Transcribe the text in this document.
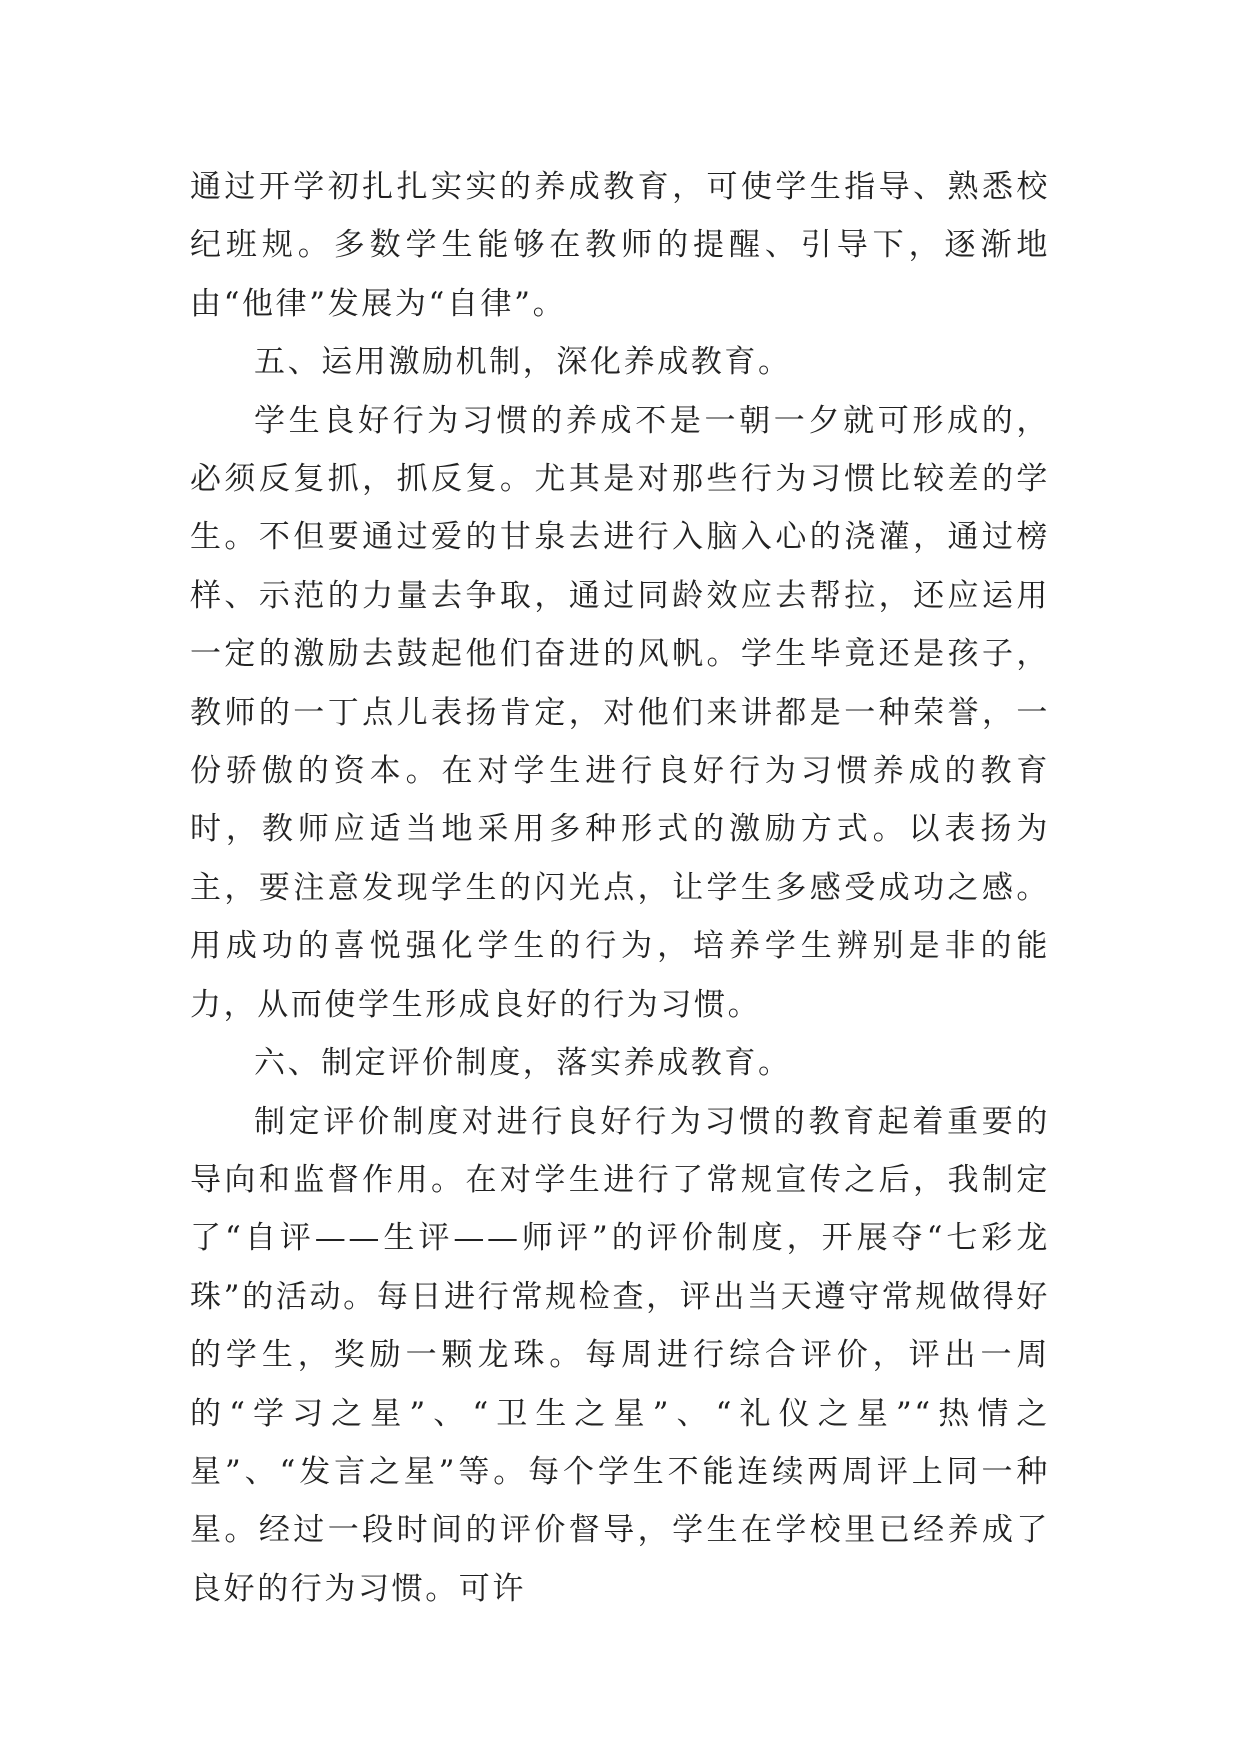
通过开学初扎扎实实的养成教育，可使学生指导、熟悉校纪班规。多数学生能够在教师的提醒、引导下，逐渐地由“他律”发展为“自律”。

五、运用激励机制，深化养成教育。

学生良好行为习惯的养成不是一朝一夕就可形成的，必须反复抓，抓反复。尤其是对那些行为习惯比较差的学生。不但要通过爱的甘泉去进行入脑入心的浇灌，通过榜样、示范的力量去争取，通过同龄效应去帮拉，还应运用一定的激励去鼓起他们奋进的风帆。学生毕竟还是孩子，教师的一丁点儿表扬肯定，对他们来讲都是一种荣誉，一份骄傲的资本。在对学生进行良好行为习惯养成的教育时，教师应适当地采用多种形式的激励方式。以表扬为主，要注意发现学生的闪光点，让学生多感受成功之感。用成功的喜悦强化学生的行为，培养学生辨别是非的能力，从而使学生形成良好的行为习惯。

六、制定评价制度，落实养成教育。

制定评价制度对进行良好行为习惯的教育起着重要的导向和监督作用。在对学生进行了常规宣传之后，我制定了“自评——生评——师评”的评价制度，开展夺“七彩龙珠”的活动。每日进行常规检查，评出当天遵守常规做得好的学生，奖励一颗龙珠。每周进行综合评价，评出一周的“学习之星”、“卫生之星”、“礼仪之星”“热情之星”、“发言之星”等。每个学生不能连续两周评上同一种星。经过一段时间的评价督导，学生在学校里已经养成了良好的行为习惯。可许
